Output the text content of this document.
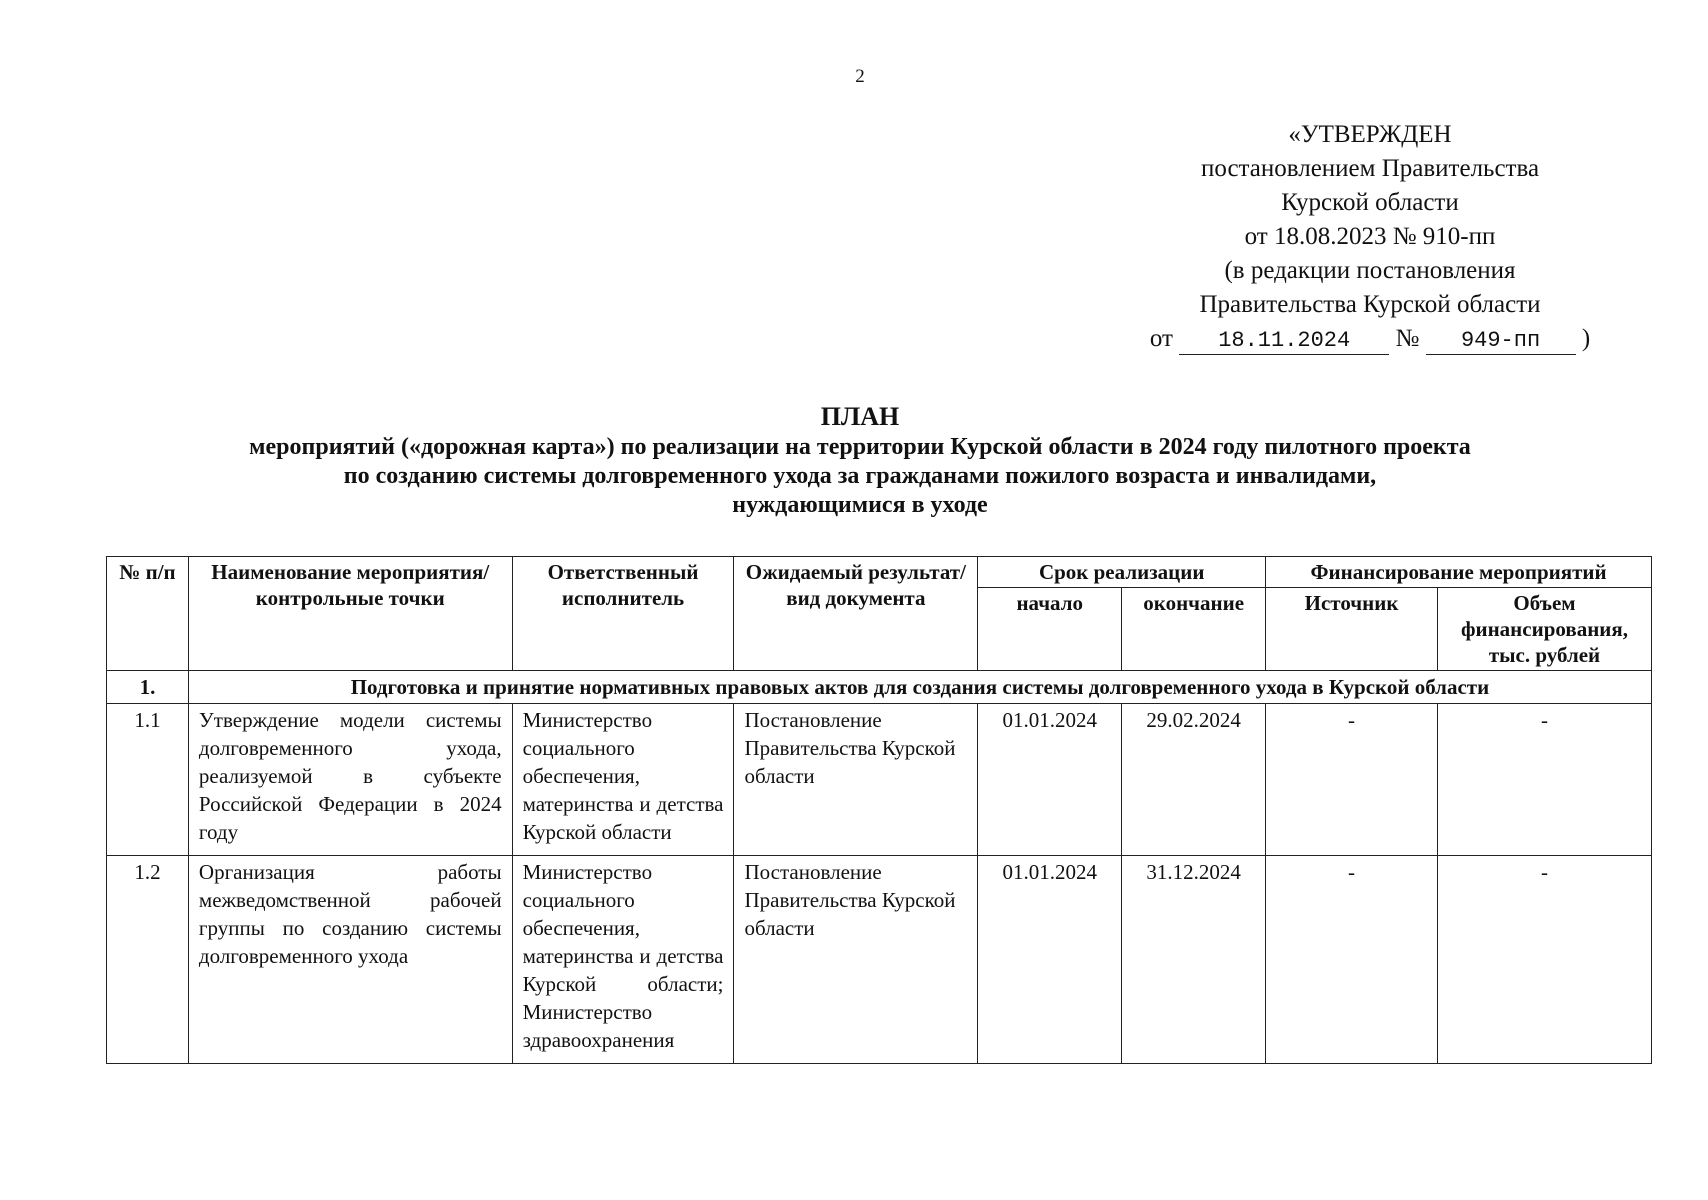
2
«УТВЕРЖДЕН
постановлением Правительства
Курской области
от 18.08.2023 № 910-пп
(в редакции постановления
Правительства Курской области
от 18.11.2024 № 949-пп )
ПЛАН
мероприятий («дорожная карта») по реализации на территории Курской области в 2024 году пилотного проекта
по созданию системы долговременного ухода за гражданами пожилого возраста и инвалидами,
нуждающимися в уходе
№ п/п	Наименование мероприятия/контрольные точки	Ответственный исполнитель	Ожидаемый результат/вид документа	Срок реализации		Финансирование мероприятий	
				начало	окончание	Источник	Объем финансирования, тыс. рублей
1.	Подготовка и принятие нормативных правовых актов для создания системы долговременного ухода в Курской области						
1.1	Утверждение модели системы долговременного ухода, реализуемой в субъекте Российской Федерации в 2024 году	Министерство социального обеспечения, материнства и детства Курской области	Постановление Правительства Курской области	01.01.2024	29.02.2024	-	-
1.2	Организация работы межведомственной рабочей группы по созданию системы долговременного ухода	Министерство социального обеспечения, материнства и детства Курской области; Министерство здравоохранения	Постановление Правительства Курской области	01.01.2024	31.12.2024	-	-
